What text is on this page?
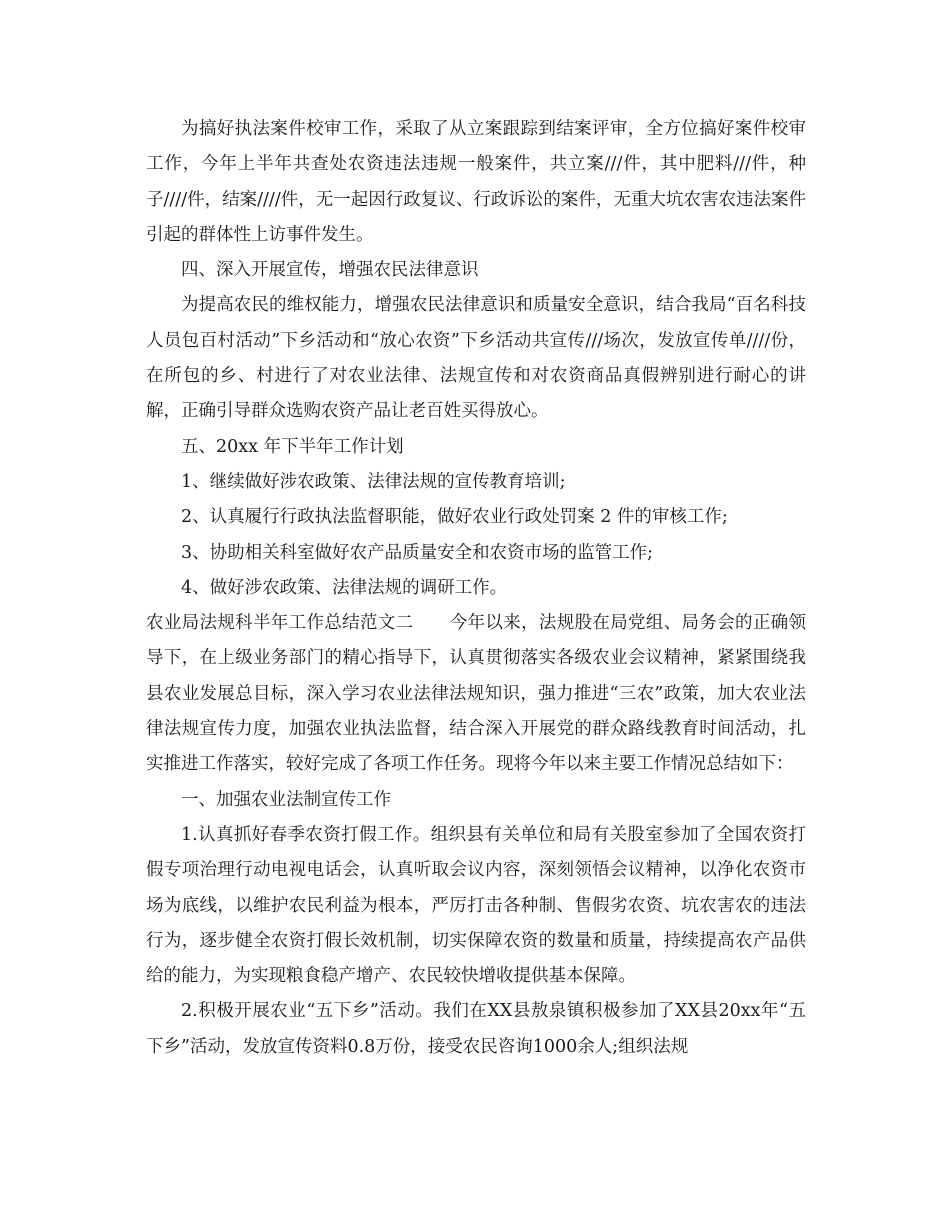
为搞好执法案件校审工作，采取了从立案跟踪到结案评审，全方位搞好案件校审工作，今年上半年共查处农资违法违规一般案件，共立案///件，其中肥料///件，种子////件，结案////件，无一起因行政复议、行政诉讼的案件，无重大坑农害农违法案件引起的群体性上访事件发生。

四、深入开展宣传，增强农民法律意识

为提高农民的维权能力，增强农民法律意识和质量安全意识，结合我局“百名科技人员包百村活动”下乡活动和“放心农资”下乡活动共宣传///场次，发放宣传单////份，在所包的乡、村进行了对农业法律、法规宣传和对农资商品真假辨别进行耐心的讲解，正确引导群众选购农资产品让老百姓买得放心。

五、20xx 年下半年工作计划

1、继续做好涉农政策、法律法规的宣传教育培训;

2、认真履行行政执法监督职能，做好农业行政处罚案 2 件的审核工作;

3、协助相关科室做好农产品质量安全和农资市场的监管工作;

4、做好涉农政策、法律法规的调研工作。

农业局法规科半年工作总结范文二 今年以来，法规股在局党组、局务会的正确领导下，在上级业务部门的精心指导下，认真贯彻落实各级农业会议精神，紧紧围绕我县农业发展总目标，深入学习农业法律法规知识，强力推进“三农”政策，加大农业法律法规宣传力度，加强农业执法监督，结合深入开展党的群众路线教育时间活动，扎实推进工作落实，较好完成了各项工作任务。现将今年以来主要工作情况总结如下：

一、加强农业法制宣传工作

1.认真抓好春季农资打假工作。组织县有关单位和局有关股室参加了全国农资打假专项治理行动电视电话会，认真听取会议内容，深刻领悟会议精神，以净化农资市场为底线，以维护农民利益为根本，严厉打击各种制、售假劣农资、坑农害农的违法行为，逐步健全农资打假长效机制，切实保障农资的数量和质量，持续提高农产品供给的能力，为实现粮食稳产增产、农民较快增收提供基本保障。

2.积极开展农业“五下乡”活动。我们在XX县敖泉镇积极参加了XX县20xx年“五下乡”活动，发放宣传资料0.8万份，接受农民咨询1000余人;组织法规
